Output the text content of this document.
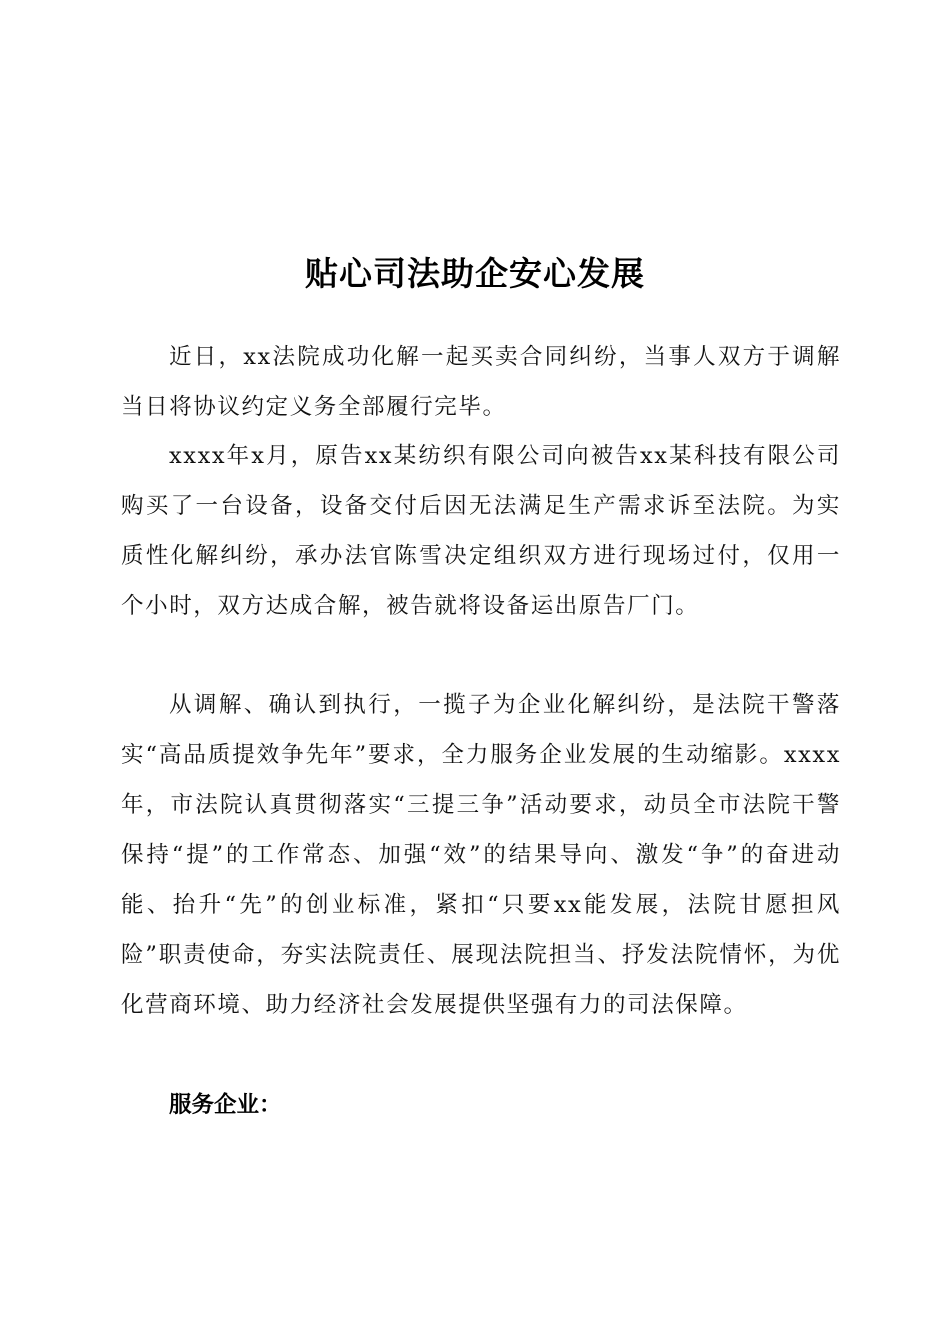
贴心司法助企安心发展

近日，xx法院成功化解一起买卖合同纠纷，当事人双方于调解当日将协议约定义务全部履行完毕。

xxxx年x月，原告xx某纺织有限公司向被告xx某科技有限公司购买了一台设备，设备交付后因无法满足生产需求诉至法院。为实质性化解纠纷，承办法官陈雪决定组织双方进行现场过付，仅用一个小时，双方达成合解，被告就将设备运出原告厂门。

从调解、确认到执行，一揽子为企业化解纠纷，是法院干警落实“高品质提效争先年”要求，全力服务企业发展的生动缩影。xxxx年，市法院认真贯彻落实“三提三争”活动要求，动员全市法院干警保持“提”的工作常态、加强“效”的结果导向、激发“争”的奋进动能、抬升“先”的创业标准，紧扣“只要xx能发展，法院甘愿担风险”职责使命，夯实法院责任、展现法院担当、抒发法院情怀，为优化营商环境、助力经济社会发展提供坚强有力的司法保障。

服务企业：
